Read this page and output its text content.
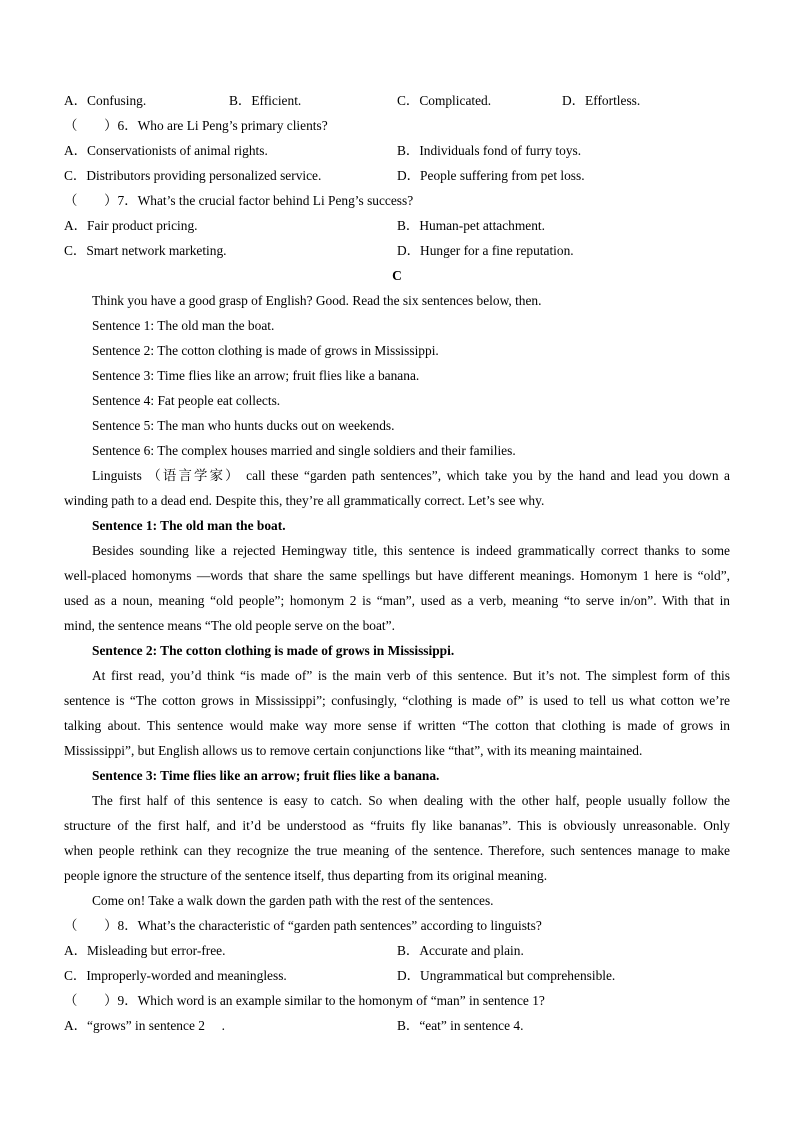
A．Confusing.	B．Efficient.	C．Complicated.	D．Effortless.
（　　）6．Who are Li Peng’s primary clients?
A．Conservationists of animal rights.	B．Individuals fond of furry toys.
C．Distributors providing personalized service.	D．People suffering from pet loss.
（　　）7．What’s the crucial factor behind Li Peng’s success?
A．Fair product pricing.	B．Human-pet attachment.
C．Smart network marketing.	D．Hunger for a fine reputation.
C
Think you have a good grasp of English? Good. Read the six sentences below, then.
Sentence 1: The old man the boat.
Sentence 2: The cotton clothing is made of grows in Mississippi.
Sentence 3: Time flies like an arrow; fruit flies like a banana.
Sentence 4: Fat people eat collects.
Sentence 5: The man who hunts ducks out on weekends.
Sentence 6: The complex houses married and single soldiers and their families.
Linguists （语言学家） call these “garden path sentences”, which take you by the hand and lead you down a
winding path to a dead end. Despite this, they’re all grammatically correct. Let’s see why.
Sentence 1: The old man the boat.
Besides sounding like a rejected Hemingway title, this sentence is indeed grammatically correct thanks to some
well-placed homonyms —words that share the same spellings but have different meanings. Homonym 1 here is “old”,
used as a noun, meaning “old people”; homonym 2 is “man”, used as a verb, meaning “to serve in/on”. With that in
mind, the sentence means “The old people serve on the boat”.
Sentence 2: The cotton clothing is made of grows in Mississippi.
At first read, you’d think “is made of” is the main verb of this sentence. But it’s not. The simplest form of this
sentence is “The cotton grows in Mississippi”; confusingly, “clothing is made of” is used to tell us what cotton we’re
talking about. This sentence would make way more sense if written “The cotton that clothing is made of grows in
Mississippi”, but English allows us to remove certain conjunctions like “that”, with its meaning maintained.
Sentence 3: Time flies like an arrow; fruit flies like a banana.
The first half of this sentence is easy to catch. So when dealing with the other half, people usually follow the
structure of the first half, and it’d be understood as “fruits fly like bananas”. This is obviously unreasonable. Only
when people rethink can they recognize the true meaning of the sentence. Therefore, such sentences manage to make
people ignore the structure of the sentence itself, thus departing from its original meaning.
Come on! Take a walk down the garden path with the rest of the sentences.
（　　）8．What’s the characteristic of “garden path sentences” according to linguists?
A．Misleading but error-free.	B．Accurate and plain.
C．Improperly-worded and meaningless.	D．Ungrammatical but comprehensible.
（　　）9．Which word is an example similar to the homonym of “man” in sentence 1?
A．“grows” in sentence 2　 .	B．“eat” in sentence 4.
